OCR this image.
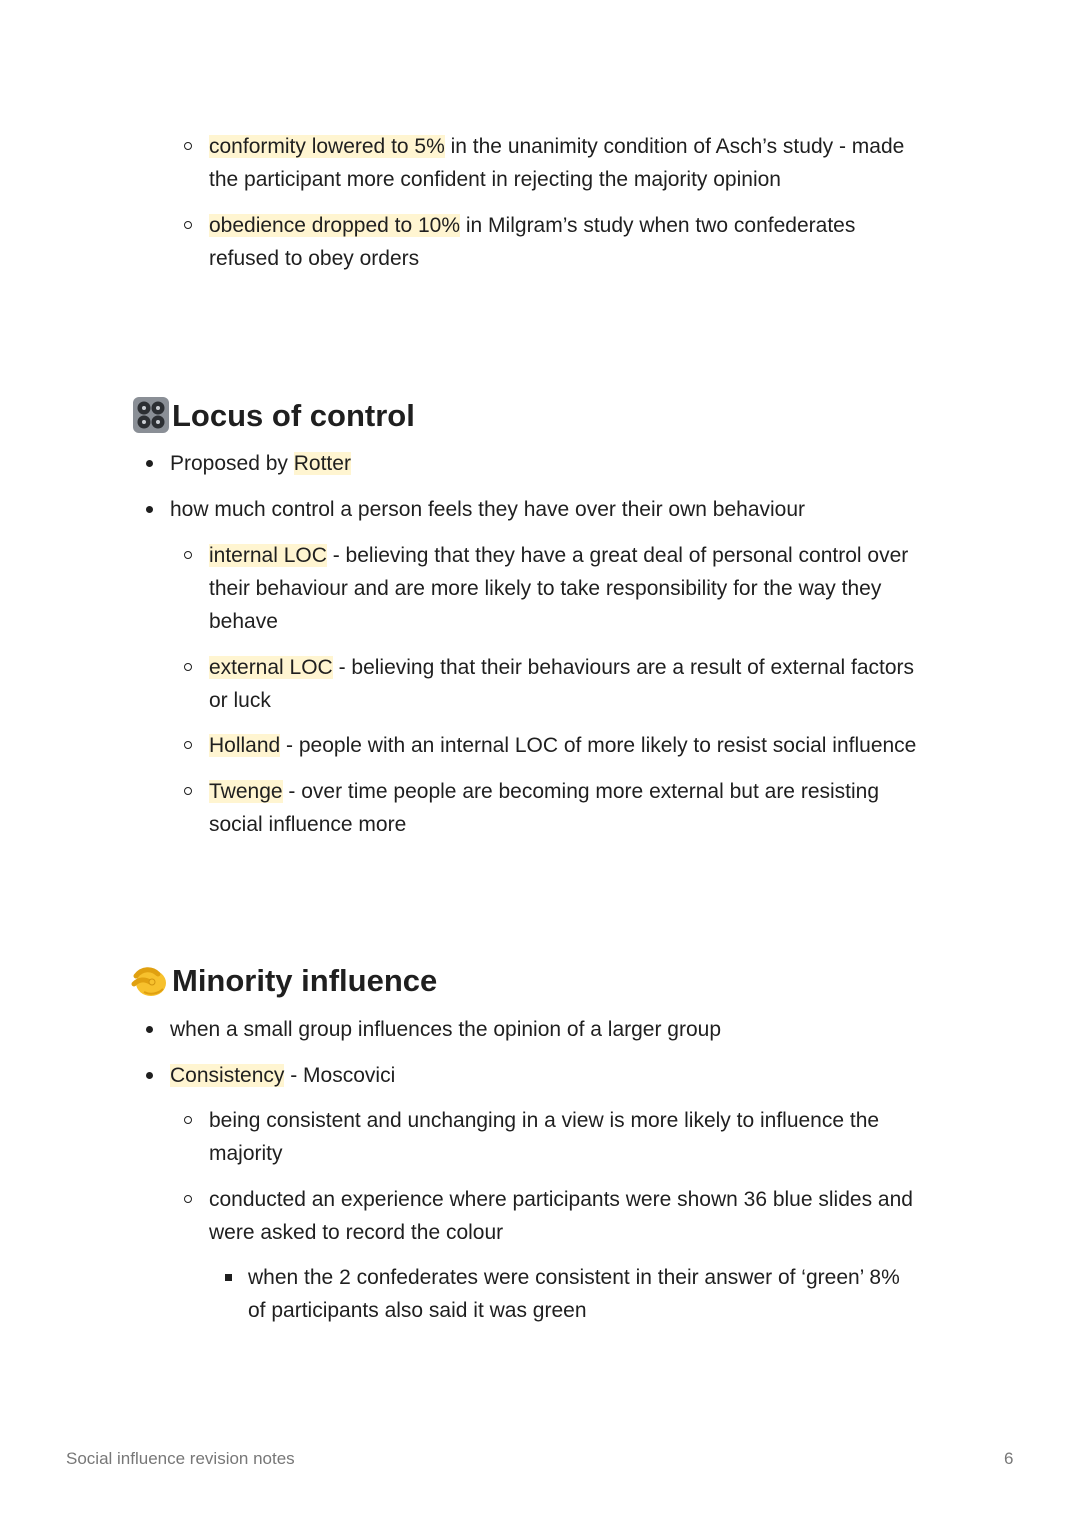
conformity lowered to 5% in the unanimity condition of Asch’s study - made
the participant more confident in rejecting the majority opinion
obedience dropped to 10% in Milgram’s study when two confederates
refused to obey orders
Locus of control
Proposed by Rotter
how much control a person feels they have over their own behaviour
internal LOC - believing that they have a great deal of personal control over
their behaviour and are more likely to take responsibility for the way they
behave
external LOC - believing that their behaviours are a result of external factors
or luck
Holland - people with an internal LOC of more likely to resist social influence
Twenge - over time people are becoming more external but are resisting
social influence more
Minority influence
when a small group influences the opinion of a larger group
Consistency - Moscovici
being consistent and unchanging in a view is more likely to influence the
majority
conducted an experience where participants were shown 36 blue slides and
were asked to record the colour
when the 2 confederates were consistent in their answer of ‘green’ 8%
of participants also said it was green
Social influence revision notes	6
